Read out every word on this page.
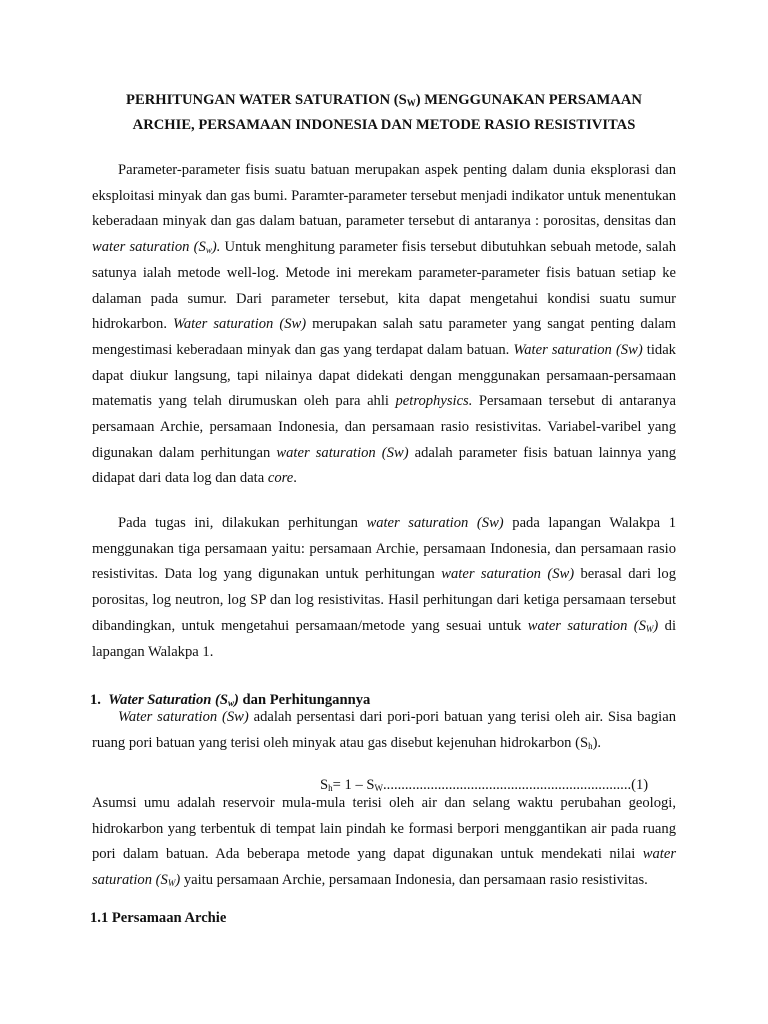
PERHITUNGAN WATER SATURATION $(S_W)$ MENGGUNAKAN PERSAMAAN
ARCHIE, PERSAMAAN INDONESIA DAN METODE RASIO RESISTIVITAS

Parameter-parameter fisis suatu batuan merupakan aspek penting dalam dunia eksplorasi dan eksploitasi minyak dan gas bumi. Paramter-parameter tersebut menjadi indikator untuk menentukan keberadaan minyak dan gas dalam batuan, parameter tersebut di antaranya : porositas, densitas dan water saturation $(S_w)$. Untuk menghitung parameter fisis tersebut dibutuhkan sebuah metode, salah satunya ialah metode well-log. Metode ini merekam parameter-parameter fisis batuan setiap ke dalaman pada sumur. Dari parameter tersebut, kita dapat mengetahui kondisi suatu sumur hidrokarbon. Water saturation (Sw) merupakan salah satu parameter yang sangat penting dalam mengestimasi keberadaan minyak dan gas yang terdapat dalam batuan. Water saturation (Sw) tidak dapat diukur langsung, tapi nilainya dapat didekati dengan menggunakan persamaan-persamaan matematis yang telah dirumuskan oleh para ahli petrophysics. Persamaan tersebut di antaranya persamaan Archie, persamaan Indonesia, dan persamaan rasio resistivitas. Variabel-varibel yang digunakan dalam perhitungan water saturation (Sw) adalah parameter fisis batuan lainnya yang didapat dari data log dan data core.

Pada tugas ini, dilakukan perhitungan water saturation (Sw) pada lapangan Walakpa 1 menggunakan tiga persamaan yaitu: persamaan Archie, persamaan Indonesia, dan persamaan rasio resistivitas. Data log yang digunakan untuk perhitungan water saturation (Sw) berasal dari log porositas, log neutron, log SP dan log resistivitas. Hasil perhitungan dari ketiga persamaan tersebut dibandingkan, untuk mengetahui persamaan/metode yang sesuai untuk water saturation $(S_W)$ di lapangan Walakpa 1.

1. Water Saturation $(S_w)$ dan Perhitungannya

Water saturation (Sw) adalah persentasi dari pori-pori batuan yang terisi oleh air. Sisa bagian ruang pori batuan yang terisi oleh minyak atau gas disebut kejenuhan hidrokarbon $(S_h)$.

$S_h= 1 - S_W....................................................................(1)$

Asumsi umu adalah reservoir mula-mula terisi oleh air dan selang waktu perubahan geologi, hidrokarbon yang terbentuk di tempat lain pindah ke formasi berpori menggantikan air pada ruang pori dalam batuan. Ada beberapa metode yang dapat digunakan untuk mendekati nilai water saturation $(S_W)$ yaitu persamaan Archie, persamaan Indonesia, dan persamaan rasio resistivitas.

1.1 Persamaan Archie
